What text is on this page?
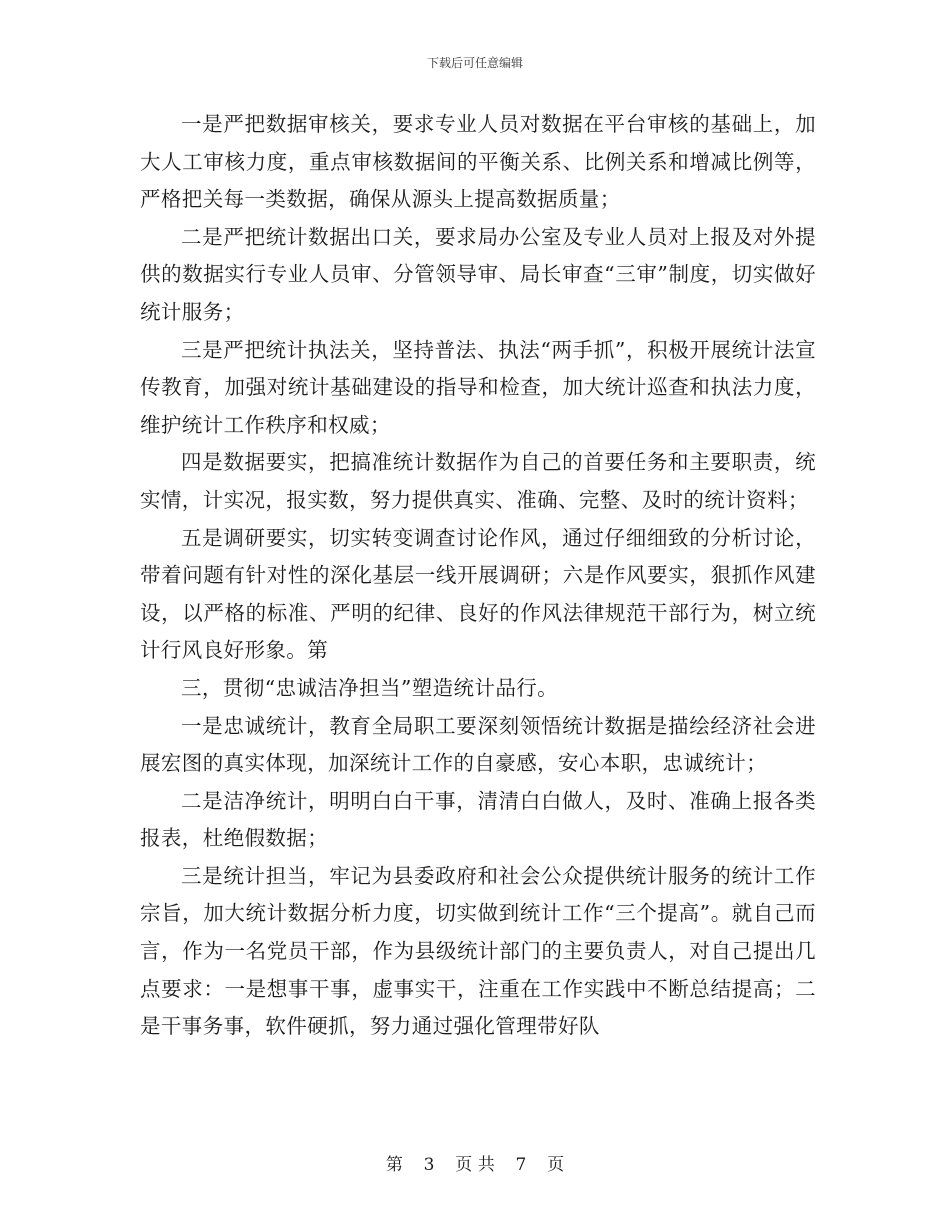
下载后可任意编辑

一是严把数据审核关，要求专业人员对数据在平台审核的基础上，加大人工审核力度，重点审核数据间的平衡关系、比例关系和增减比例等，严格把关每一类数据，确保从源头上提高数据质量；

二是严把统计数据出口关，要求局办公室及专业人员对上报及对外提供的数据实行专业人员审、分管领导审、局长审查“三审”制度，切实做好统计服务；

三是严把统计执法关，坚持普法、执法“两手抓”，积极开展统计法宣传教育，加强对统计基础建设的指导和检查，加大统计巡查和执法力度，维护统计工作秩序和权威；

四是数据要实，把搞准统计数据作为自己的首要任务和主要职责，统实情，计实况，报实数，努力提供真实、准确、完整、及时的统计资料；

五是调研要实，切实转变调查讨论作风，通过仔细细致的分析讨论，带着问题有针对性的深化基层一线开展调研；六是作风要实，狠抓作风建设，以严格的标准、严明的纪律、良好的作风法律规范干部行为，树立统计行风良好形象。第

三，贯彻“忠诚洁净担当”塑造统计品行。

一是忠诚统计，教育全局职工要深刻领悟统计数据是描绘经济社会进展宏图的真实体现，加深统计工作的自豪感，安心本职，忠诚统计；

二是洁净统计，明明白白干事，清清白白做人，及时、准确上报各类报表，杜绝假数据；

三是统计担当，牢记为县委政府和社会公众提供统计服务的统计工作宗旨，加大统计数据分析力度，切实做到统计工作“三个提高”。就自己而言，作为一名党员干部，作为县级统计部门的主要负责人，对自己提出几点要求：一是想事干事，虚事实干，注重在工作实践中不断总结提高；二是干事务事，软件硬抓，努力通过强化管理带好队

第 3 页 共 7 页
